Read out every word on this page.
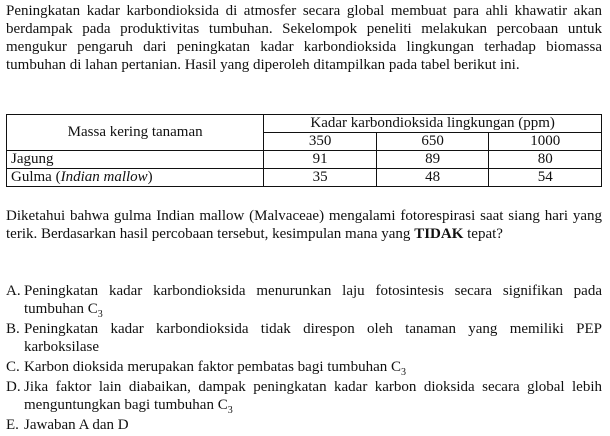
Peningkatan kadar karbondioksida di atmosfer secara global membuat para ahli khawatir akan berdampak pada produktivitas tumbuhan. Sekelompok peneliti melakukan percobaan untuk mengukur pengaruh dari peningkatan kadar karbondioksida lingkungan terhadap biomassa tumbuhan di lahan pertanian. Hasil yang diperoleh ditampilkan pada tabel berikut ini.

Massa kering tanaman	Kadar karbondioksida lingkungan (ppm)		
	350	650	1000
Jagung	91	89	80
Gulma (Indian mallow)	35	48	54

Diketahui bahwa gulma Indian mallow (Malvaceae) mengalami fotorespirasi saat siang hari yang terik. Berdasarkan hasil percobaan tersebut, kesimpulan mana yang TIDAK tepat?

A. Peningkatan kadar karbondioksida menurunkan laju fotosintesis secara signifikan pada tumbuhan $C_3$

B. Peningkatan kadar karbondioksida tidak direspon oleh tanaman yang memiliki PEP karboksilase

C. Karbon dioksida merupakan faktor pembatas bagi tumbuhan $C_3$

D. Jika faktor lain diabaikan, dampak peningkatan kadar karbon dioksida secara global lebih menguntungkan bagi tumbuhan $C_3$

E. Jawaban A dan D
